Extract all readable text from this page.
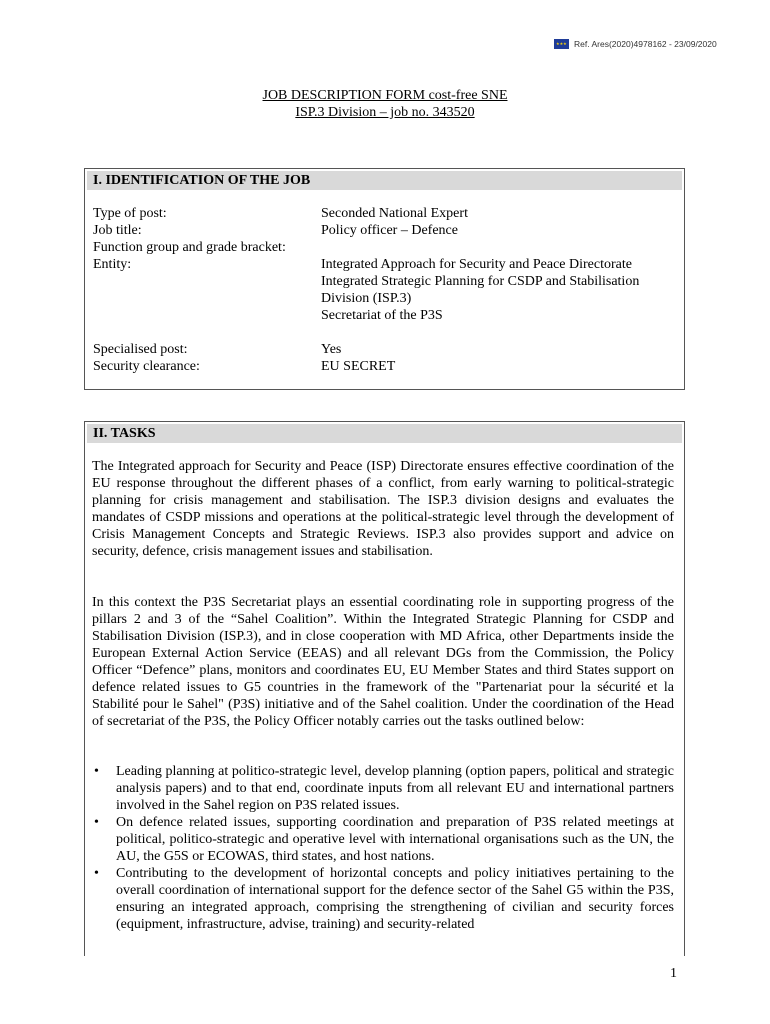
★★★
Ref. Ares(2020)4978162 - 23/09/2020
JOB DESCRIPTION FORM cost-free SNE
ISP.3 Division – job no. 343520
I. IDENTIFICATION OF THE JOB
Type of post:	Seconded National Expert
Job title:	Policy officer – Defence
Function group and grade bracket:
Entity:	Integrated Approach for Security and Peace Directorate
Integrated Strategic Planning for CSDP and Stabilisation
Division (ISP.3)
Secretariat of the P3S
Specialised post:	Yes
Security clearance:	EU SECRET
II. TASKS
The Integrated approach for Security and Peace (ISP) Directorate ensures effective coordination of the EU response throughout the different phases of a conflict, from early warning to political-strategic planning for crisis management and stabilisation. The ISP.3 division designs and evaluates the mandates of CSDP missions and operations at the political-strategic level through the development of Crisis Management Concepts and Strategic Reviews. ISP.3 also provides support and advice on security, defence, crisis management issues and stabilisation.
In this context the P3S Secretariat plays an essential coordinating role in supporting progress of the pillars 2 and 3 of the “Sahel Coalition”. Within the Integrated Strategic Planning for CSDP and Stabilisation Division (ISP.3), and in close cooperation with MD Africa, other Departments inside the European External Action Service (EEAS) and all relevant DGs from the Commission, the Policy Officer “Defence” plans, monitors and coordinates EU, EU Member States and third States support on defence related issues to G5 countries in the framework of the "Partenariat pour la sécurité et la Stabilité pour le Sahel" (P3S) initiative and of the Sahel coalition. Under the coordination of the Head of secretariat of the P3S, the Policy Officer notably carries out the tasks outlined below:
• Leading planning at politico-strategic level, develop planning (option papers, political and strategic analysis papers) and to that end, coordinate inputs from all relevant EU and international partners involved in the Sahel region on P3S related issues.
• On defence related issues, supporting coordination and preparation of P3S related meetings at political, politico-strategic and operative level with international organisations such as the UN, the AU, the G5S or ECOWAS, third states, and host nations.
• Contributing to the development of horizontal concepts and policy initiatives pertaining to the overall coordination of international support for the defence sector of the Sahel G5 within the P3S, ensuring an integrated approach, comprising the strengthening of civilian and security forces (equipment, infrastructure, advise, training) and security-related
1
